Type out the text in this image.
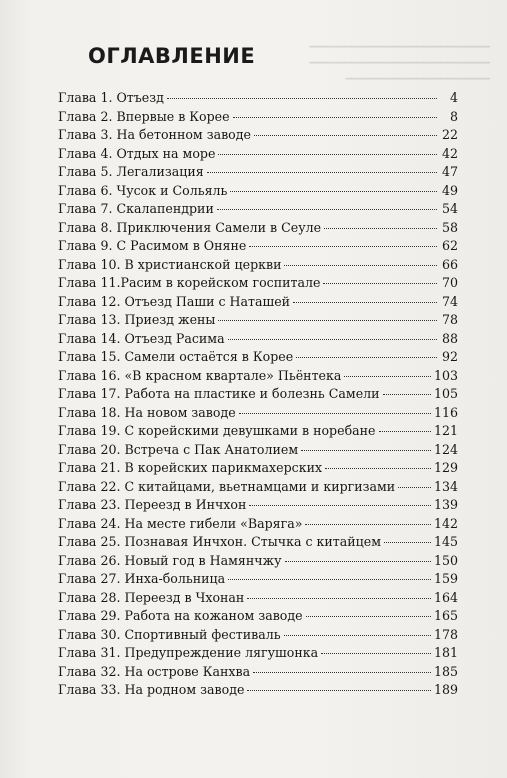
━━━━━━━━━━━━━━━━━━━━━━━━━━━━━━
━━━━━━━━━━━━━━━━━━━━━━━━━━━━━━
━━━━━━━━━━━━━━━━━━━━━━━━
ОГЛАВЛЕНИЕ
Глава 1. Отъезд	4
Глава 2. Впервые в Корее	8
Глава 3. На бетонном заводе	22
Глава 4. Отдых на море	42
Глава 5. Легализация	47
Глава 6. Чусок и Сольяль	49
Глава 7. Скалапендрии	54
Глава 8. Приключения Самели в Сеуле	58
Глава 9. С Расимом в Оняне	62
Глава 10. В христианской церкви	66
Глава 11.Расим в корейском госпитале	70
Глава 12. Отъезд Паши с Наташей	74
Глава 13. Приезд жены	78
Глава 14. Отъезд Расима	88
Глава 15. Самели остаётся в Корее	92
Глава 16. «В красном квартале» Пьёнтека	103
Глава 17. Работа на пластике и болезнь Самели	105
Глава 18. На новом заводе	116
Глава 19. С корейскими девушками в норебане	121
Глава 20. Встреча с Пак Анатолием	124
Глава 21. В корейских парикмахерских	129
Глава 22. С китайцами, вьетнамцами и киргизами	134
Глава 23. Переезд в Инчхон	139
Глава 24. На месте гибели «Варяга»	142
Глава 25. Познавая Инчхон. Стычка с китайцем	145
Глава 26. Новый год в Намянчжу	150
Глава 27. Инха-больница	159
Глава 28. Переезд в Чхонан	164
Глава 29. Работа на кожаном заводе	165
Глава 30. Спортивный фестиваль	178
Глава 31. Предупреждение лягушонка	181
Глава 32. На острове Канхва	185
Глава 33. На родном заводе	189
